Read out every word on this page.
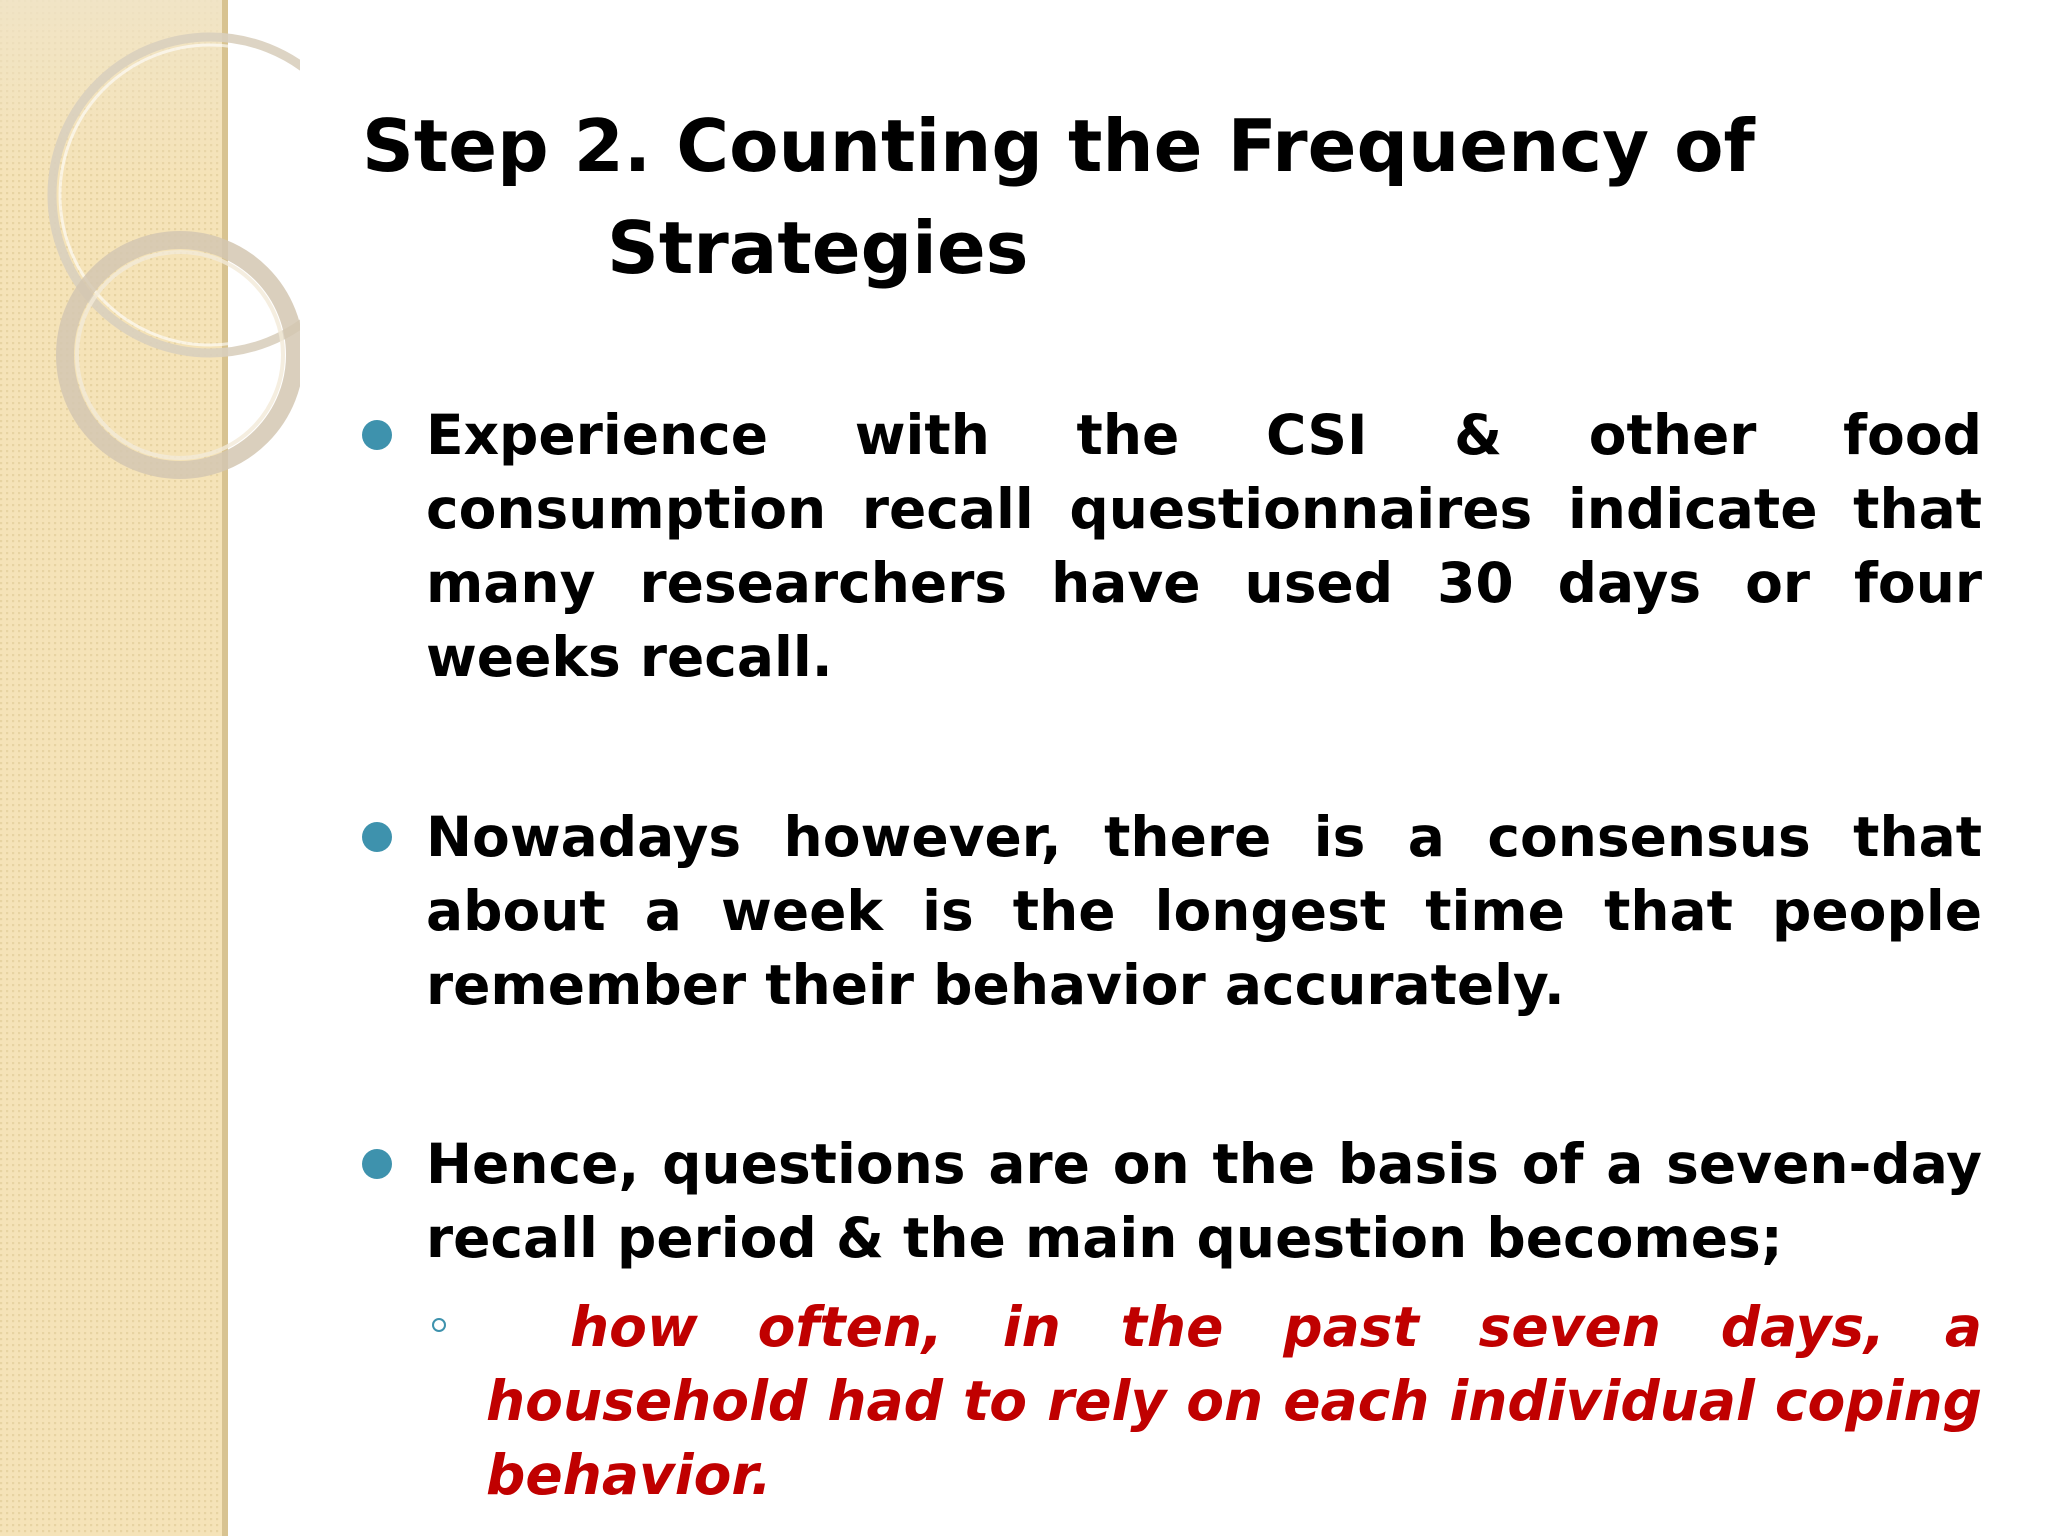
Step 2. Counting the Frequency of
Strategies
Experience with the CSI & other food consumption recall questionnaires indicate that many researchers have used 30 days or four weeks recall.
Nowadays however, there is a consensus that about a week is the longest time that people remember their behavior accurately.
Hence, questions are on the basis of a seven-day recall period & the main question becomes;
how often, in the past seven days, a household had to rely on each individual coping behavior.
